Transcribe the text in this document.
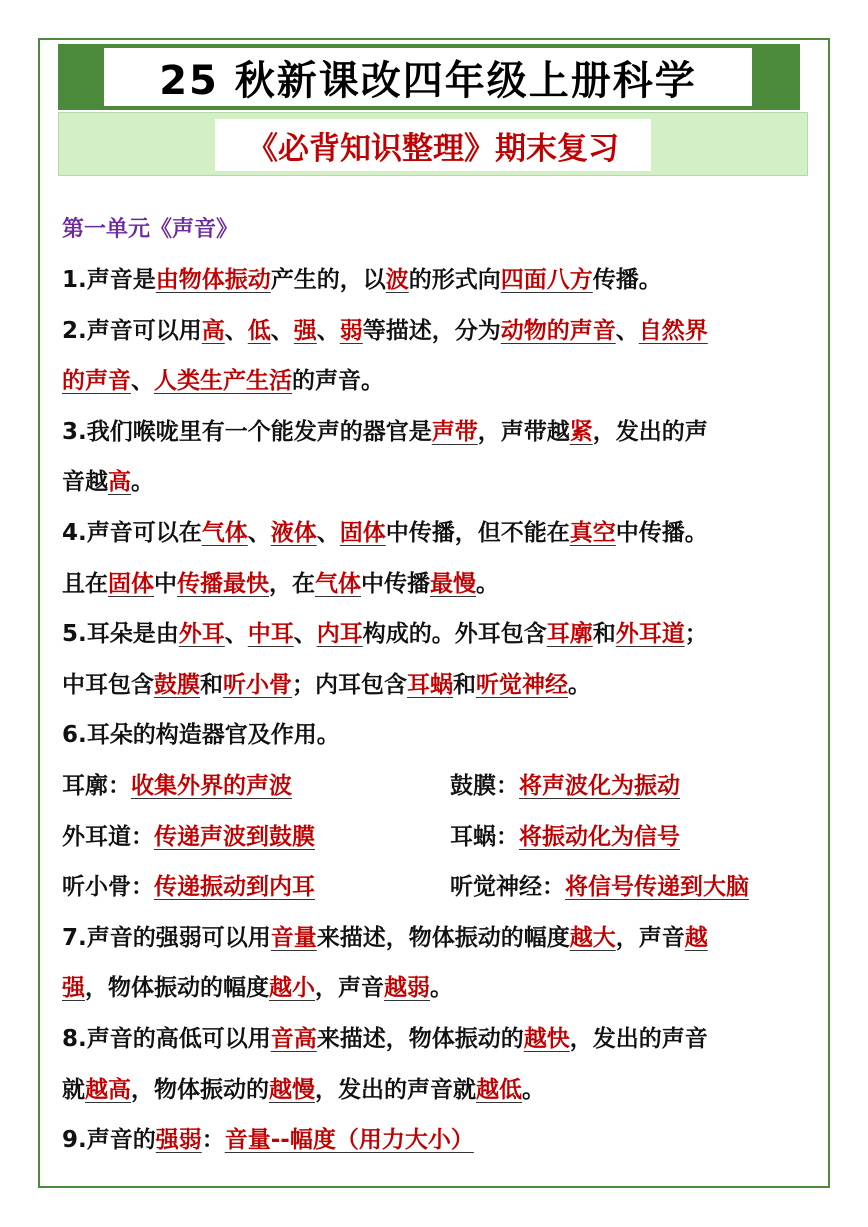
25 秋新课改四年级上册科学
《必背知识整理》期末复习
第一单元《声音》
1.声音是由物体振动产生的，以波的形式向四面八方传播。
2.声音可以用高、低、强、弱等描述，分为动物的声音、自然界
的声音、人类生产生活的声音。
3.我们喉咙里有一个能发声的器官是声带，声带越紧，发出的声
音越高。
4.声音可以在气体、液体、固体中传播，但不能在真空中传播。
且在固体中传播最快，在气体中传播最慢。
5.耳朵是由外耳、中耳、内耳构成的。外耳包含耳廓和外耳道；
中耳包含鼓膜和听小骨；内耳包含耳蜗和听觉神经。
6.耳朵的构造器官及作用。
耳廓：收集外界的声波	鼓膜：将声波化为振动
外耳道：传递声波到鼓膜	耳蜗：将振动化为信号
听小骨：传递振动到内耳	听觉神经：将信号传递到大脑
7.声音的强弱可以用音量来描述，物体振动的幅度越大，声音越
强，物体振动的幅度越小，声音越弱。
8.声音的高低可以用音高来描述，物体振动的越快，发出的声音
就越高，物体振动的越慢，发出的声音就越低。
9.声音的强弱：音量--幅度（用力大小）
